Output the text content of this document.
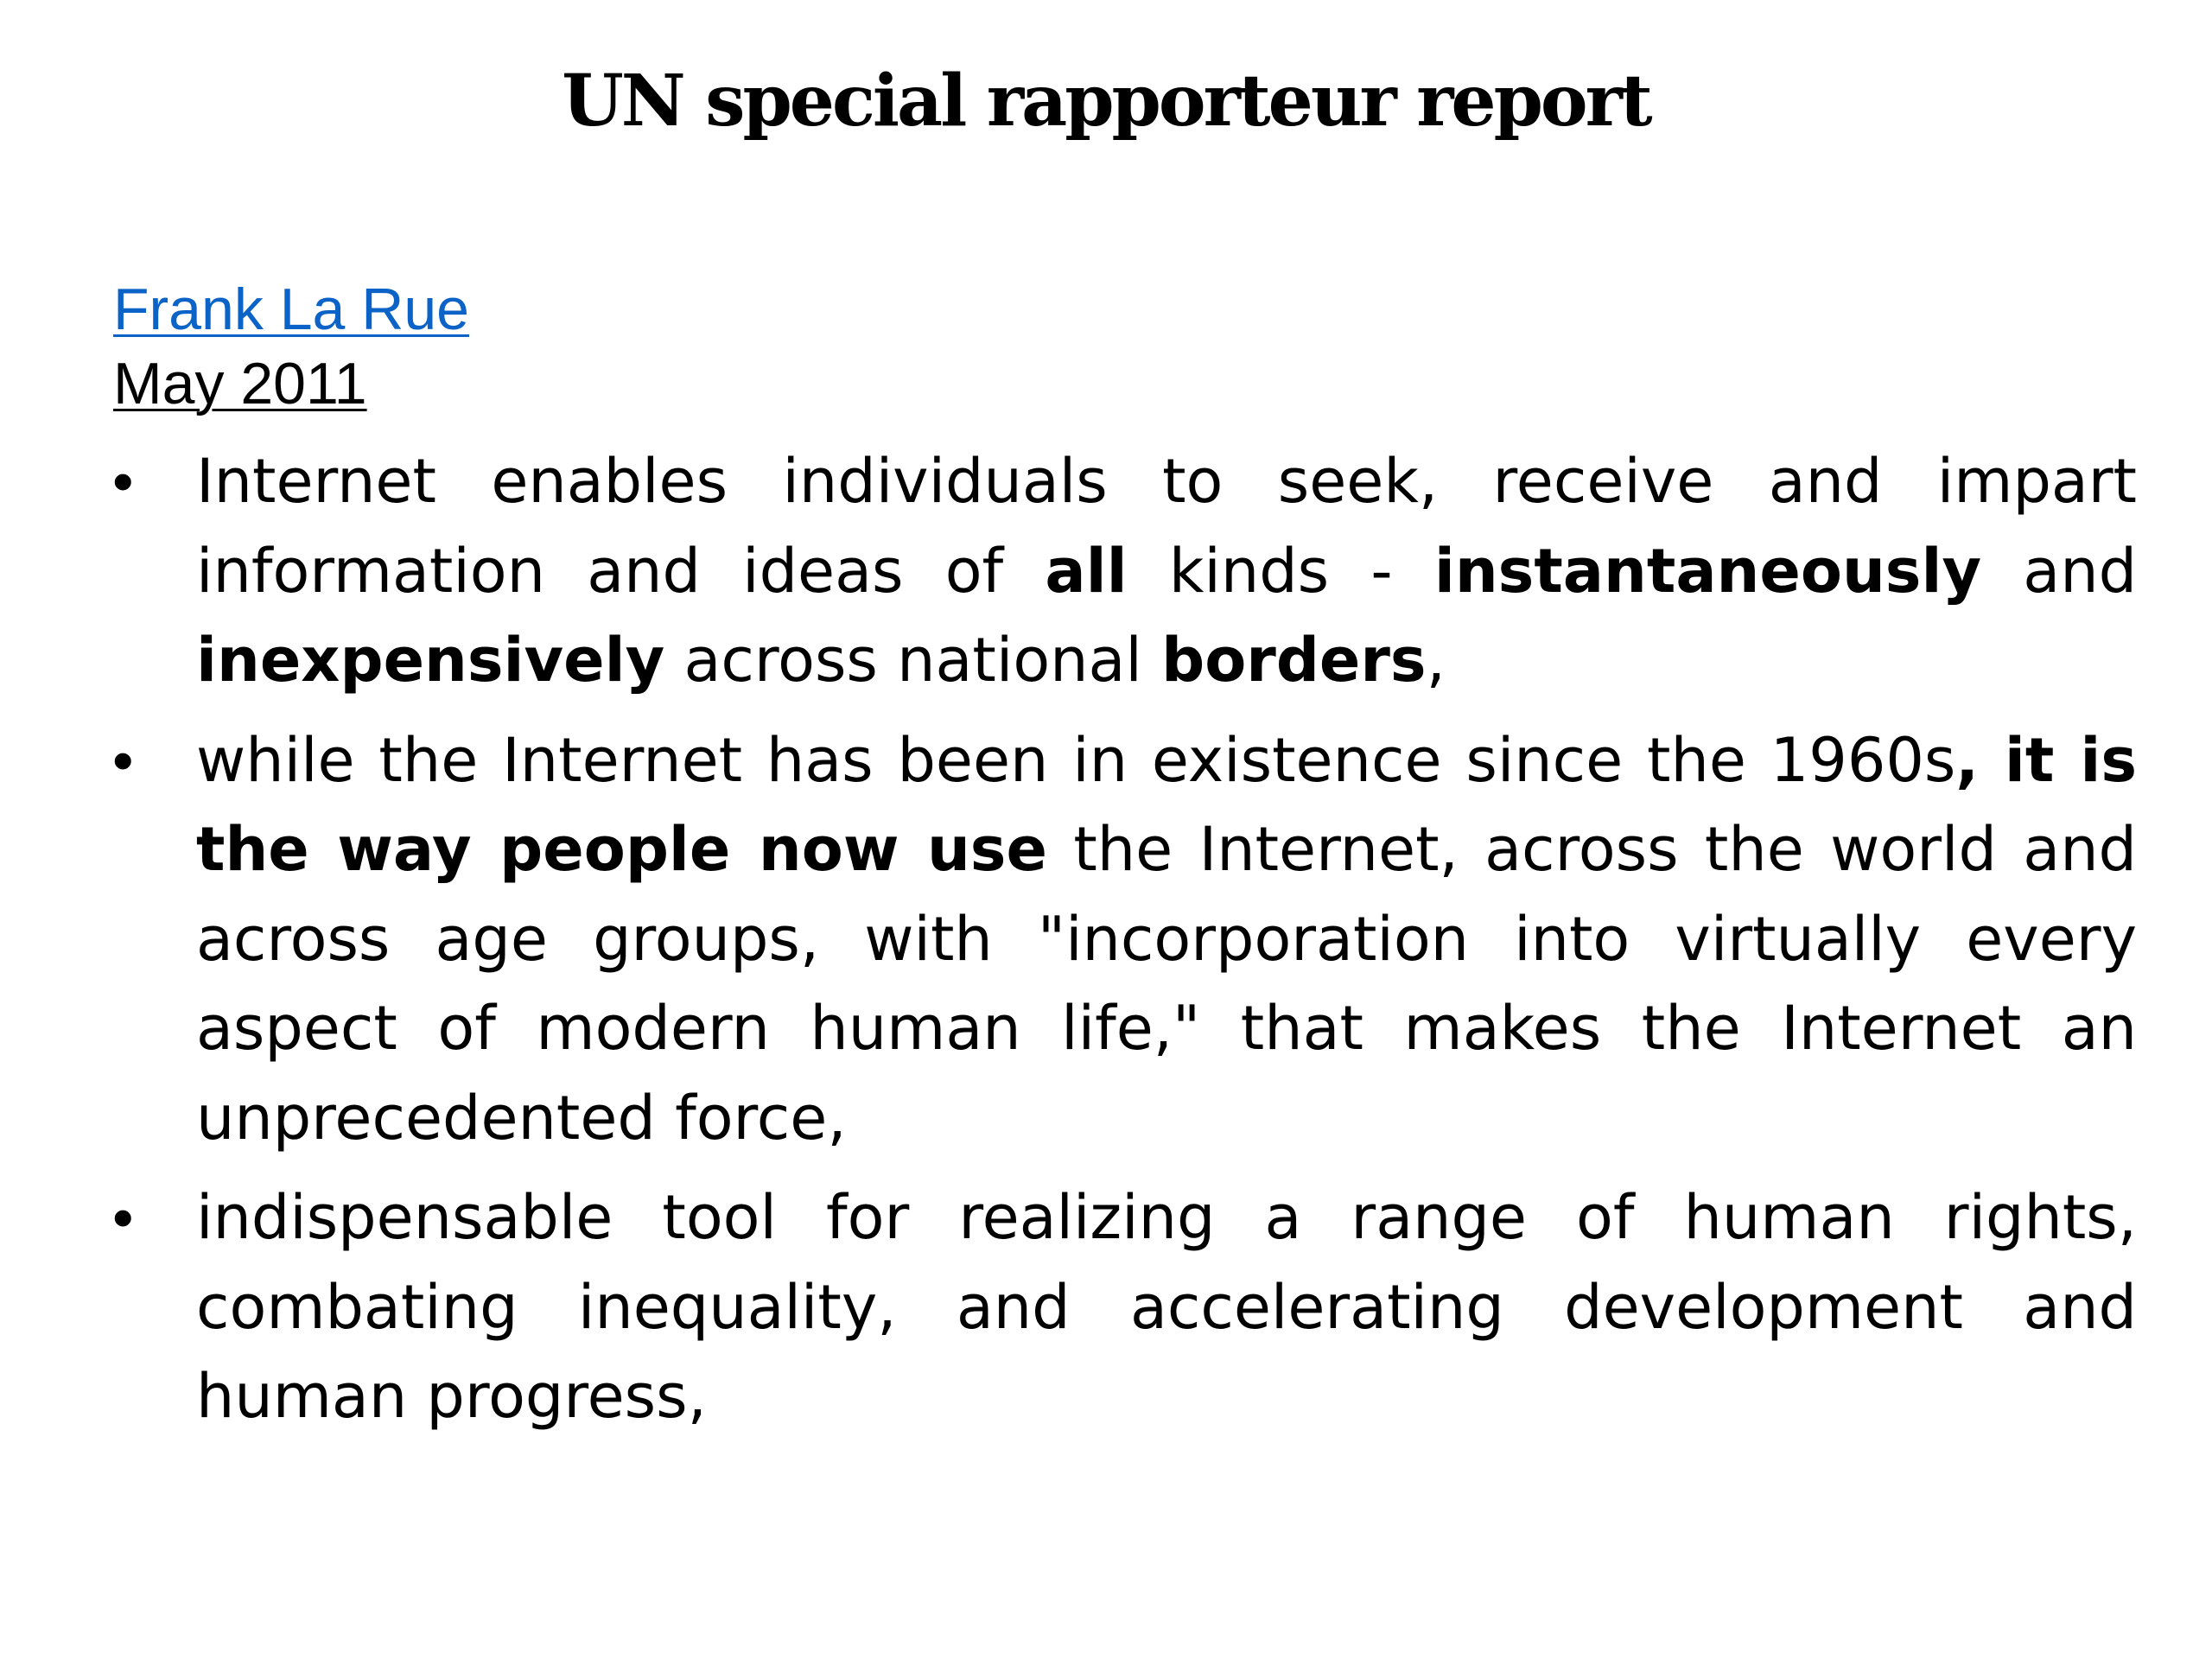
UN special rapporteur report
Frank La Rue
May 2011
• Internet enables individuals to seek, receive and impart information and ideas of all kinds - instantaneously and inexpensively across national borders,
• while the Internet has been in existence since the 1960s, it is the way people now use the Internet, across the world and across age groups, with "incorporation into virtually every aspect of modern human life," that makes the Internet an unprecedented force,
• indispensable tool for realizing a range of human rights, combating inequality, and accelerating development and human progress,
